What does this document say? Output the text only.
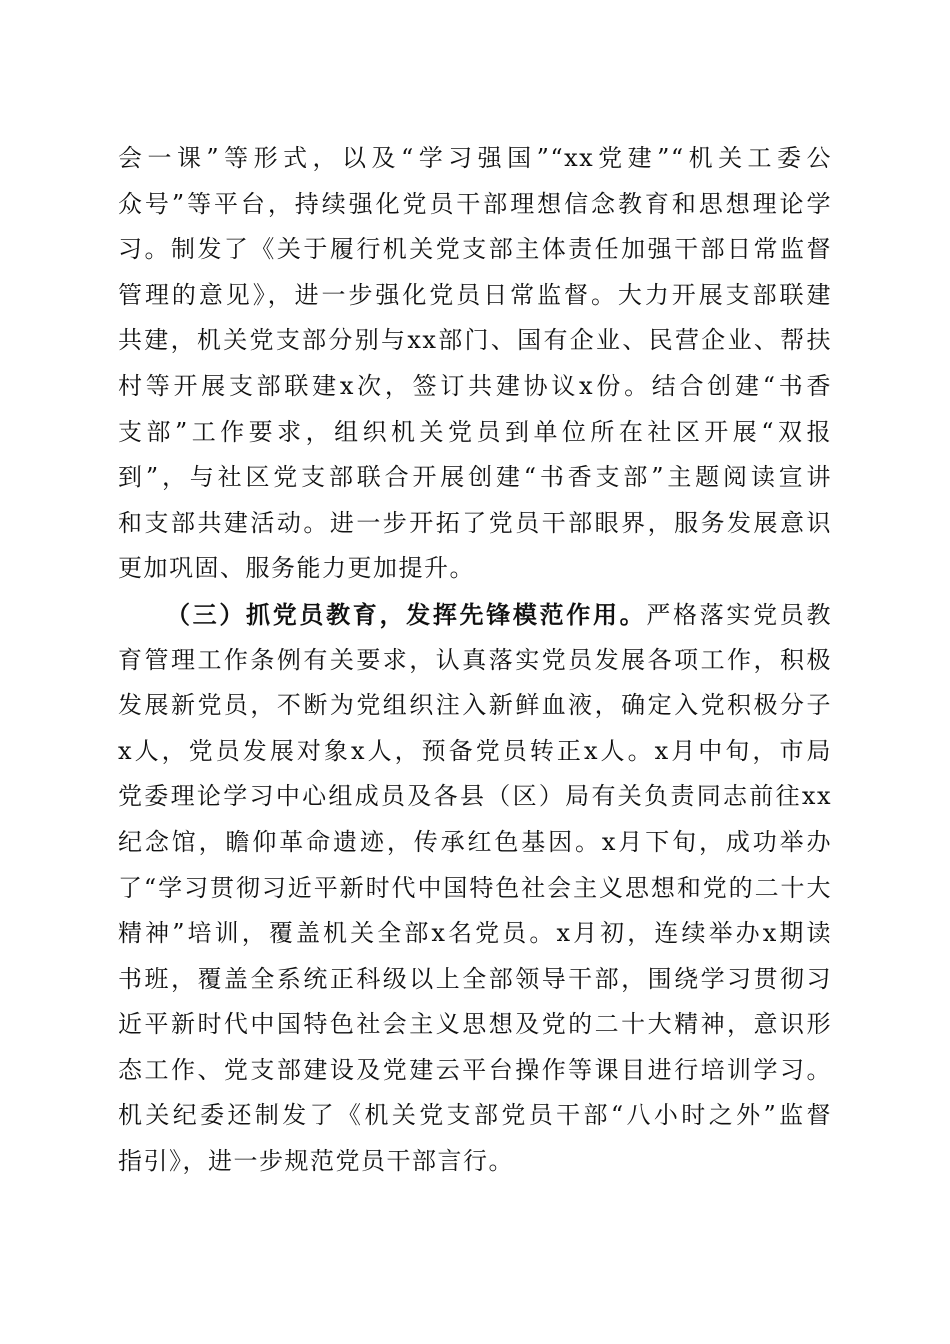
会一课”等形式，以及“学习强国”“xx党建”“机关工委公
众号”等平台，持续强化党员干部理想信念教育和思想理论学
习。制发了《关于履行机关党支部主体责任加强干部日常监督
管理的意见》，进一步强化党员日常监督。大力开展支部联建
共建，机关党支部分别与xx部门、国有企业、民营企业、帮扶
村等开展支部联建x次，签订共建协议x份。结合创建“书香
支部”工作要求，组织机关党员到单位所在社区开展“双报
到”，与社区党支部联合开展创建“书香支部”主题阅读宣讲
和支部共建活动。进一步开拓了党员干部眼界，服务发展意识
更加巩固、服务能力更加提升。
（三）抓党员教育，发挥先锋模范作用。严格落实党员教
育管理工作条例有关要求，认真落实党员发展各项工作，积极
发展新党员，不断为党组织注入新鲜血液，确定入党积极分子
x人，党员发展对象x人，预备党员转正x人。x月中旬，市局
党委理论学习中心组成员及各县（区）局有关负责同志前往xx
纪念馆，瞻仰革命遗迹，传承红色基因。x月下旬，成功举办
了“学习贯彻习近平新时代中国特色社会主义思想和党的二十大
精神”培训，覆盖机关全部x名党员。x月初，连续举办x期读
书班，覆盖全系统正科级以上全部领导干部，围绕学习贯彻习
近平新时代中国特色社会主义思想及党的二十大精神，意识形
态工作、党支部建设及党建云平台操作等课目进行培训学习。
机关纪委还制发了《机关党支部党员干部“八小时之外”监督
指引》，进一步规范党员干部言行。
